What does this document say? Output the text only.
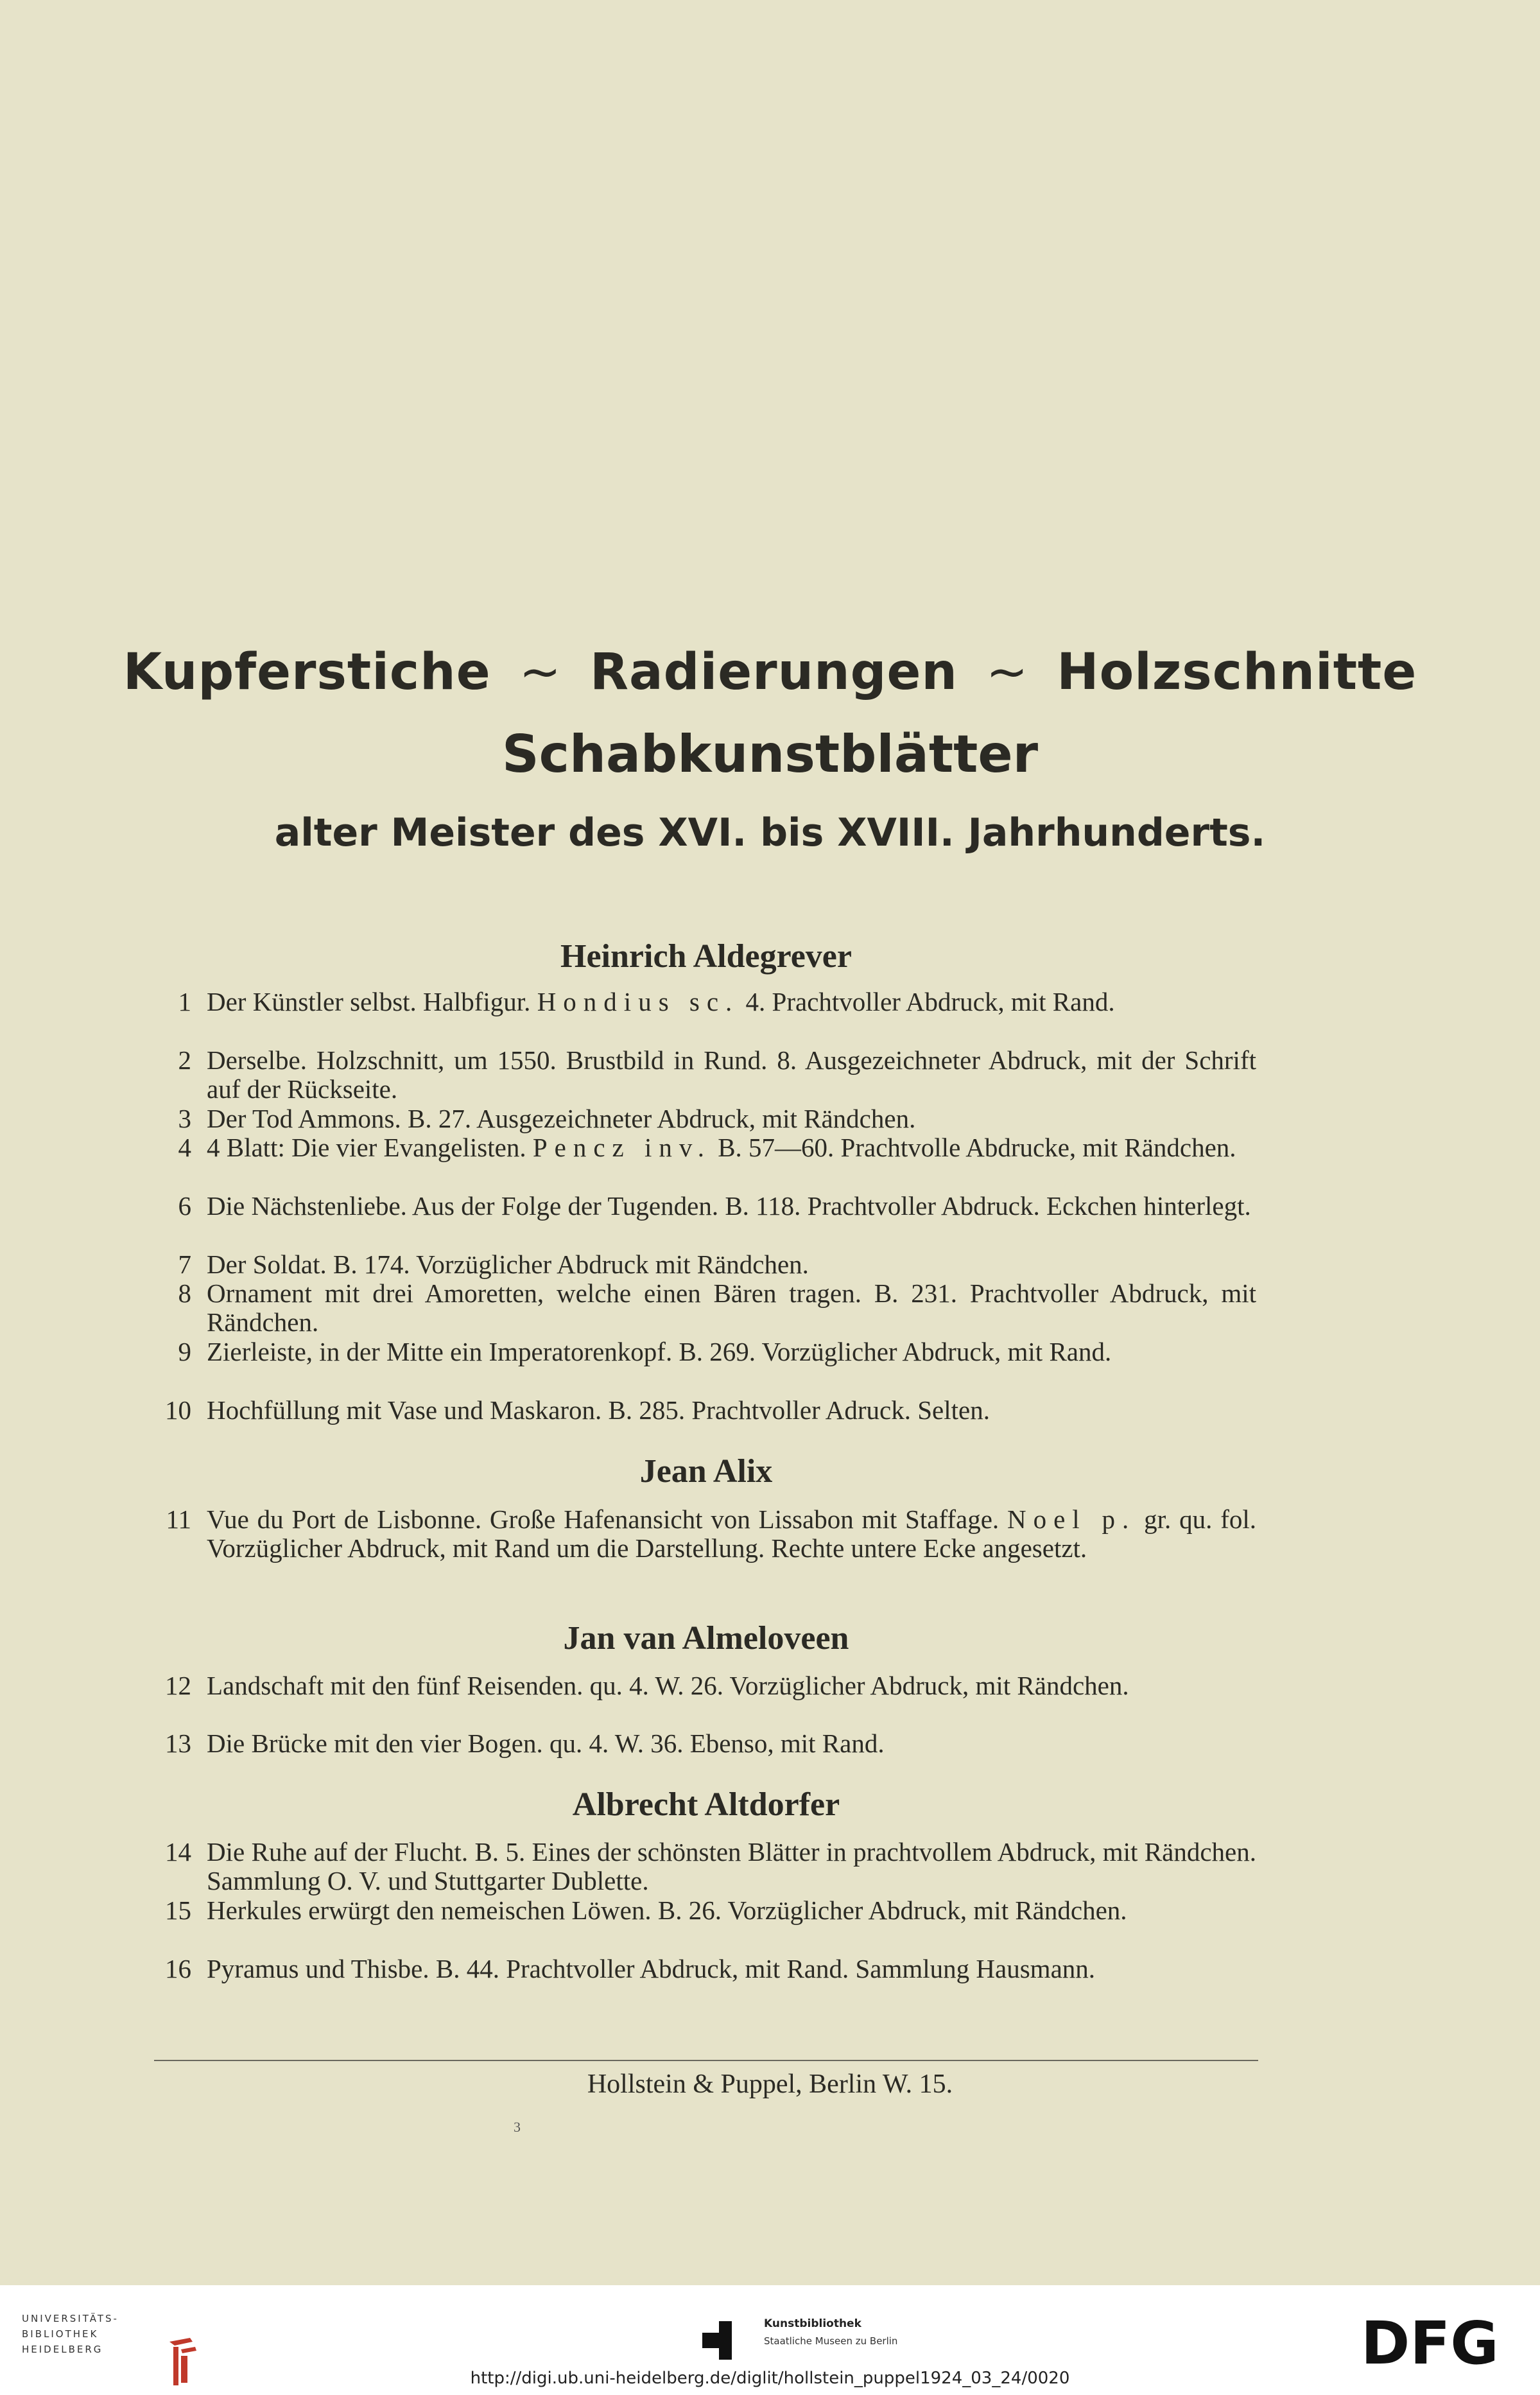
Kupferstiche ~ Radierungen ~ Holzschnitte
Schabkunstblätter
alter Meister des XVI. bis XVIII. Jahrhunderts.
Heinrich Aldegrever
1 Der Künstler selbst. Halbfigur. Hondius sc. 4. Prachtvoller Abdruck, mit Rand.
2 Derselbe. Holzschnitt, um 1550. Brustbild in Rund. 8. Ausgezeichneter Abdruck, mit der Schrift auf der Rückseite.
3 Der Tod Ammons. B. 27. Ausgezeichneter Abdruck, mit Rändchen.
4 4 Blatt: Die vier Evangelisten. Pencz inv. B. 57—60. Prachtvolle Abdrucke, mit Rändchen.
6 Die Nächstenliebe. Aus der Folge der Tugenden. B. 118. Prachtvoller Abdruck. Eckchen hinterlegt.
7 Der Soldat. B. 174. Vorzüglicher Abdruck mit Rändchen.
8 Ornament mit drei Amoretten, welche einen Bären tragen. B. 231. Prachtvoller Abdruck, mit Rändchen.
9 Zierleiste, in der Mitte ein Imperatorenkopf. B. 269. Vorzüglicher Abdruck, mit Rand.
10 Hochfüllung mit Vase und Maskaron. B. 285. Prachtvoller Adruck. Selten.
Jean Alix
11 Vue du Port de Lisbonne. Große Hafenansicht von Lissabon mit Staffage. Noel p. gr. qu. fol. Vorzüglicher Abdruck, mit Rand um die Darstellung. Rechte untere Ecke angesetzt.
Jan van Almeloveen
12 Landschaft mit den fünf Reisenden. qu. 4. W. 26. Vorzüglicher Abdruck, mit Rändchen.
13 Die Brücke mit den vier Bogen. qu. 4. W. 36. Ebenso, mit Rand.
Albrecht Altdorfer
14 Die Ruhe auf der Flucht. B. 5. Eines der schönsten Blätter in prachtvollem Abdruck, mit Rändchen. Sammlung O. V. und Stuttgarter Dublette.
15 Herkules erwürgt den nemeischen Löwen. B. 26. Vorzüglicher Abdruck, mit Rändchen.
16 Pyramus und Thisbe. B. 44. Prachtvoller Abdruck, mit Rand. Sammlung Hausmann.
Hollstein & Puppel, Berlin W. 15.
3
UNIVERSITÄTS-
BIBLIOTHEK
HEIDELBERG
Kunstbibliothek
Staatliche Museen zu Berlin	DFG
http://digi.ub.uni-heidelberg.de/diglit/hollstein_puppel1924_03_24/0020
